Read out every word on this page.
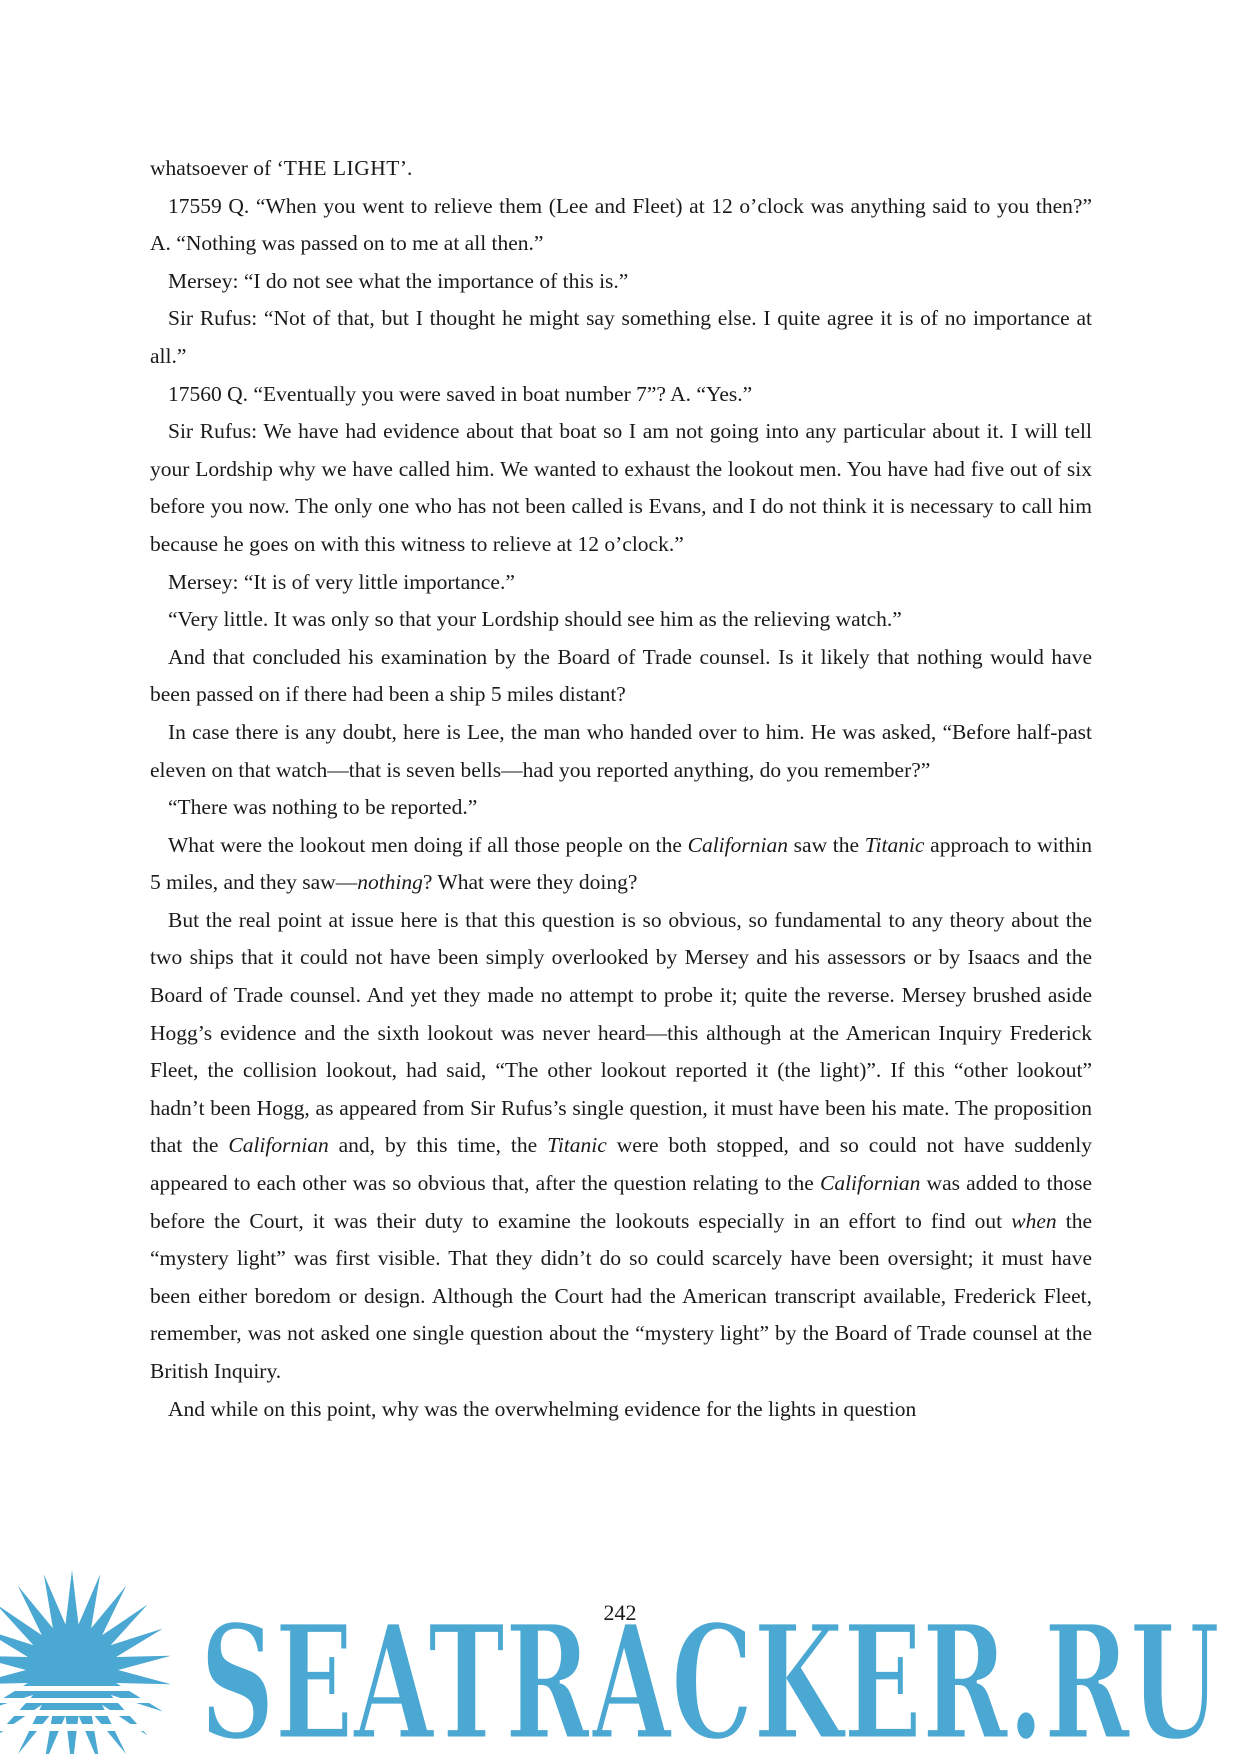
whatsoever of ‘THE LIGHT’.

17559 Q. “When you went to relieve them (Lee and Fleet) at 12 o’clock was anything said to you then?” A. “Nothing was passed on to me at all then.”

Mersey: “I do not see what the importance of this is.”

Sir Rufus: “Not of that, but I thought he might say something else. I quite agree it is of no importance at all.”

17560 Q. “Eventually you were saved in boat number 7”? A. “Yes.”

Sir Rufus: We have had evidence about that boat so I am not going into any particular about it. I will tell your Lordship why we have called him. We wanted to exhaust the lookout men. You have had five out of six before you now. The only one who has not been called is Evans, and I do not think it is necessary to call him because he goes on with this witness to relieve at 12 o’clock.”

Mersey: “It is of very little importance.”

“Very little. It was only so that your Lordship should see him as the relieving watch.”

And that concluded his examination by the Board of Trade counsel. Is it likely that nothing would have been passed on if there had been a ship 5 miles distant?

In case there is any doubt, here is Lee, the man who handed over to him. He was asked, “Before half-past eleven on that watch—that is seven bells—had you reported anything, do you remember?”

“There was nothing to be reported.”

What were the lookout men doing if all those people on the Californian saw the Titanic approach to within 5 miles, and they saw—nothing? What were they doing?

But the real point at issue here is that this question is so obvious, so fundamental to any theory about the two ships that it could not have been simply overlooked by Mersey and his assessors or by Isaacs and the Board of Trade counsel. And yet they made no attempt to probe it; quite the reverse. Mersey brushed aside Hogg’s evidence and the sixth lookout was never heard—this although at the American Inquiry Frederick Fleet, the collision lookout, had said, “The other lookout reported it (the light)”. If this “other lookout” hadn’t been Hogg, as appeared from Sir Rufus’s single question, it must have been his mate. The proposition that the Californian and, by this time, the Titanic were both stopped, and so could not have suddenly appeared to each other was so obvious that, after the question relating to the Californian was added to those before the Court, it was their duty to examine the lookouts especially in an effort to find out when the “mystery light” was first visible. That they didn’t do so could scarcely have been oversight; it must have been either boredom or design. Although the Court had the American transcript available, Frederick Fleet, remember, was not asked one single question about the “mystery light” by the Board of Trade counsel at the British Inquiry.

And while on this point, why was the overwhelming evidence for the lights in question

SEATRACKER.RU
242
